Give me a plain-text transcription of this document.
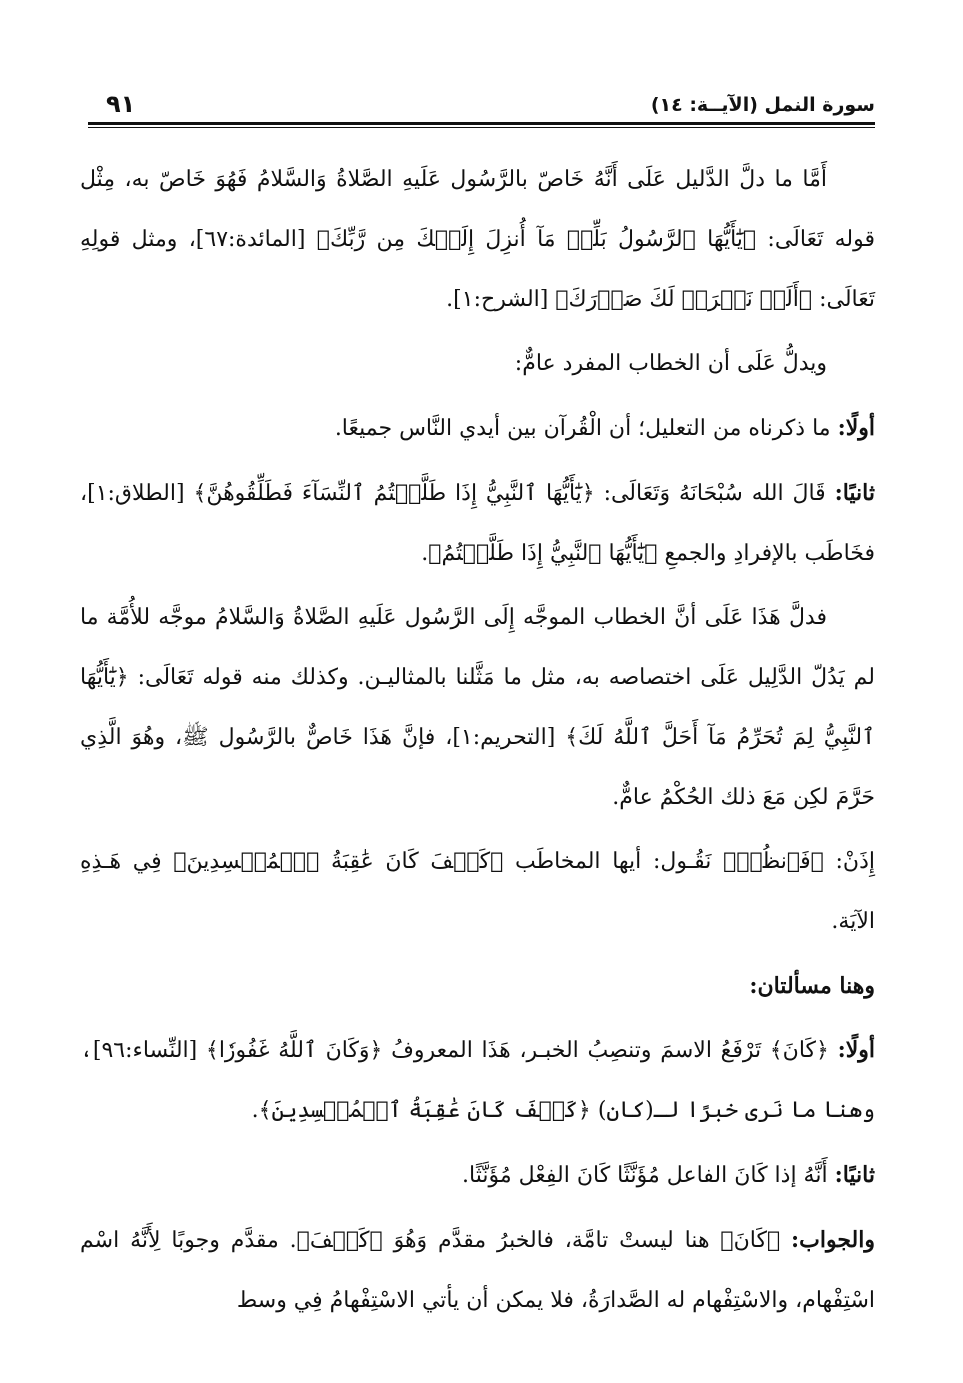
سورة النمل (الآيــة: ١٤)
٩١

أَمَّا ما دلَّ الدَّليل عَلَى أَنَّهُ خَاصّ بالرَّسُول عَلَيهِ الصَّلاةُ وَالسَّلامُ فَهُوَ خَاصّ به، مِثْل قوله تَعَالَى: ﴿يَٰٓأَيُّهَا ٱلرَّسُولُ بَلِّغۡ مَآ أُنزِلَ إِلَيۡكَ مِن رَّبِّكَ﴾ [المائدة:٦٧]، ومثل قولِهِ تَعَالَى: ﴿أَلَمۡ نَشۡرَحۡ لَكَ صَدۡرَكَ﴾ [الشرح:١].

ويدلُّ عَلَى أن الخطاب المفرد عامٌّ:

أولًا: ما ذكرناه من التعليل؛ أن الْقُرآن بين أيدي النَّاس جميعًا.

ثانيًا: قَالَ الله سُبْحَانَهُ وَتَعَالَى: ﴿يَٰٓأَيُّهَا ٱلنَّبِيُّ إِذَا طَلَّقۡتُمُ ٱلنِّسَآءَ فَطَلِّقُوهُنَّ﴾ [الطلاق:١]، فخَاطَب بالإفرادِ والجمعِ ﴿يَٰٓأَيُّهَا ٱلنَّبِيُّ إِذَا طَلَّقۡتُمُ﴾.

فدلَّ هَذَا عَلَى أنَّ الخطاب الموجَّه إِلَى الرَّسُول عَلَيهِ الصَّلاةُ وَالسَّلامُ موجَّه للأُمَّة ما لم يَدُلّ الدَّلِيل عَلَى اختصاصه به، مثل ما مَثَّلنا بالمثاليـن. وكذلك منه قوله تَعَالَى: ﴿يَٰٓأَيُّهَا ٱلنَّبِيُّ لِمَ تُحَرِّمُ مَآ أَحَلَّ ٱللَّهُ لَكَ﴾ [التحريم:١]، فإنَّ هَذَا خَاصٌّ بالرَّسُول ﷺ، وهُوَ الَّذِي حَرَّمَ لكِن مَعَ ذلك الحُكْمُ عامٌّ.

إِذَنْ: ﴿فَٱنظُرۡ﴾ نَقُـول: أيها المخاطَب ﴿كَيۡفَ كَانَ عَٰقِبَةُ ٱلۡمُفۡسِدِينَ﴾ فِي هَـذِهِ الآيَة.

وهنا مسألتان:

أولًا: ﴿كَانَ﴾ تَرْفَعُ الاسمَ وتنصِبُ الخبـر، هَذَا المعروفُ ﴿وَكَانَ ٱللَّهُ غَفُورٗا﴾ [النِّساء:٩٦]، وهنا ما نَرى خبرًا لـ(كان) ﴿كَيۡفَ كَانَ عَٰقِبَةُ ٱلۡمُفۡسِدِينَ﴾.

ثانيًا: أَنَّهُ إذا كَانَ الفاعل مُؤَنَّثًا كَانَ الفِعْل مُؤَنَّثًا.

والجواب: ﴿كَانَ﴾ هنا ليستْ تامَّة، فالخبرُ مقدَّم وَهُوَ ﴿كَيۡفَ﴾. مقدَّم وجوبًا لِأَنَّهُ اسْم اسْتِفْهام، والاسْتِفْهام له الصَّدارَةُ، فلا يمكن أن يأتي الاسْتِفْهامُ فِي وسط
